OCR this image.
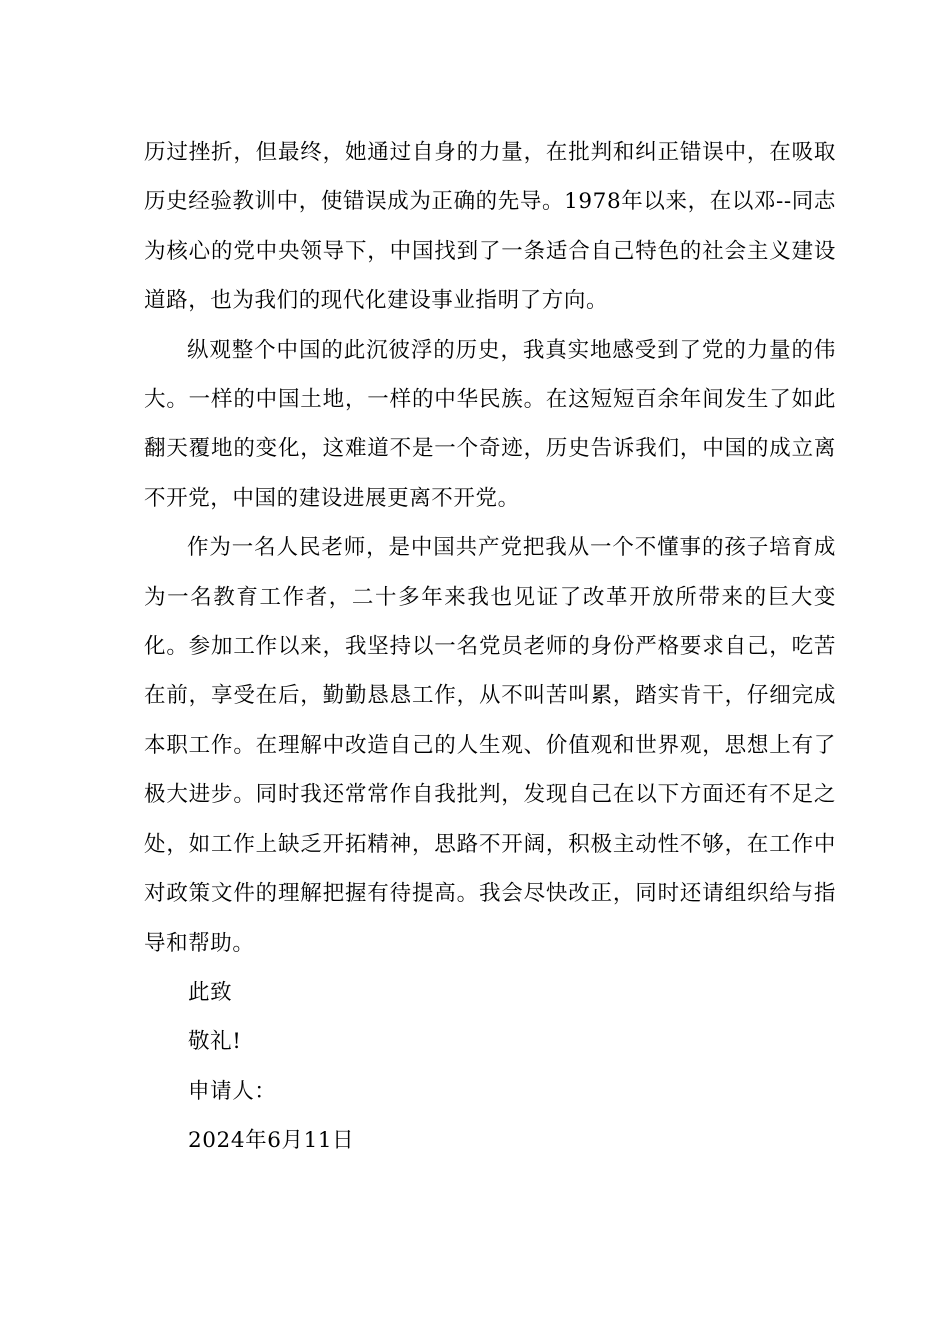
历过挫折，但最终，她通过自身的力量，在批判和纠正错误中，在吸取历史经验教训中，使错误成为正确的先导。1978年以来，在以邓--同志为核心的党中央领导下，中国找到了一条适合自己特色的社会主义建设道路，也为我们的现代化建设事业指明了方向。

纵观整个中国的此沉彼浮的历史，我真实地感受到了党的力量的伟大。一样的中国土地，一样的中华民族。在这短短百余年间发生了如此翻天覆地的变化，这难道不是一个奇迹，历史告诉我们，中国的成立离不开党，中国的建设进展更离不开党。

作为一名人民老师，是中国共产党把我从一个不懂事的孩子培育成为一名教育工作者，二十多年来我也见证了改革开放所带来的巨大变化。参加工作以来，我坚持以一名党员老师的身份严格要求自己，吃苦在前，享受在后，勤勤恳恳工作，从不叫苦叫累，踏实肯干，仔细完成本职工作。在理解中改造自己的人生观、价值观和世界观，思想上有了极大进步。同时我还常常作自我批判，发现自己在以下方面还有不足之处，如工作上缺乏开拓精神，思路不开阔，积极主动性不够，在工作中对政策文件的理解把握有待提高。我会尽快改正，同时还请组织给与指导和帮助。

此致

敬礼!

申请人：

2024年6月11日
